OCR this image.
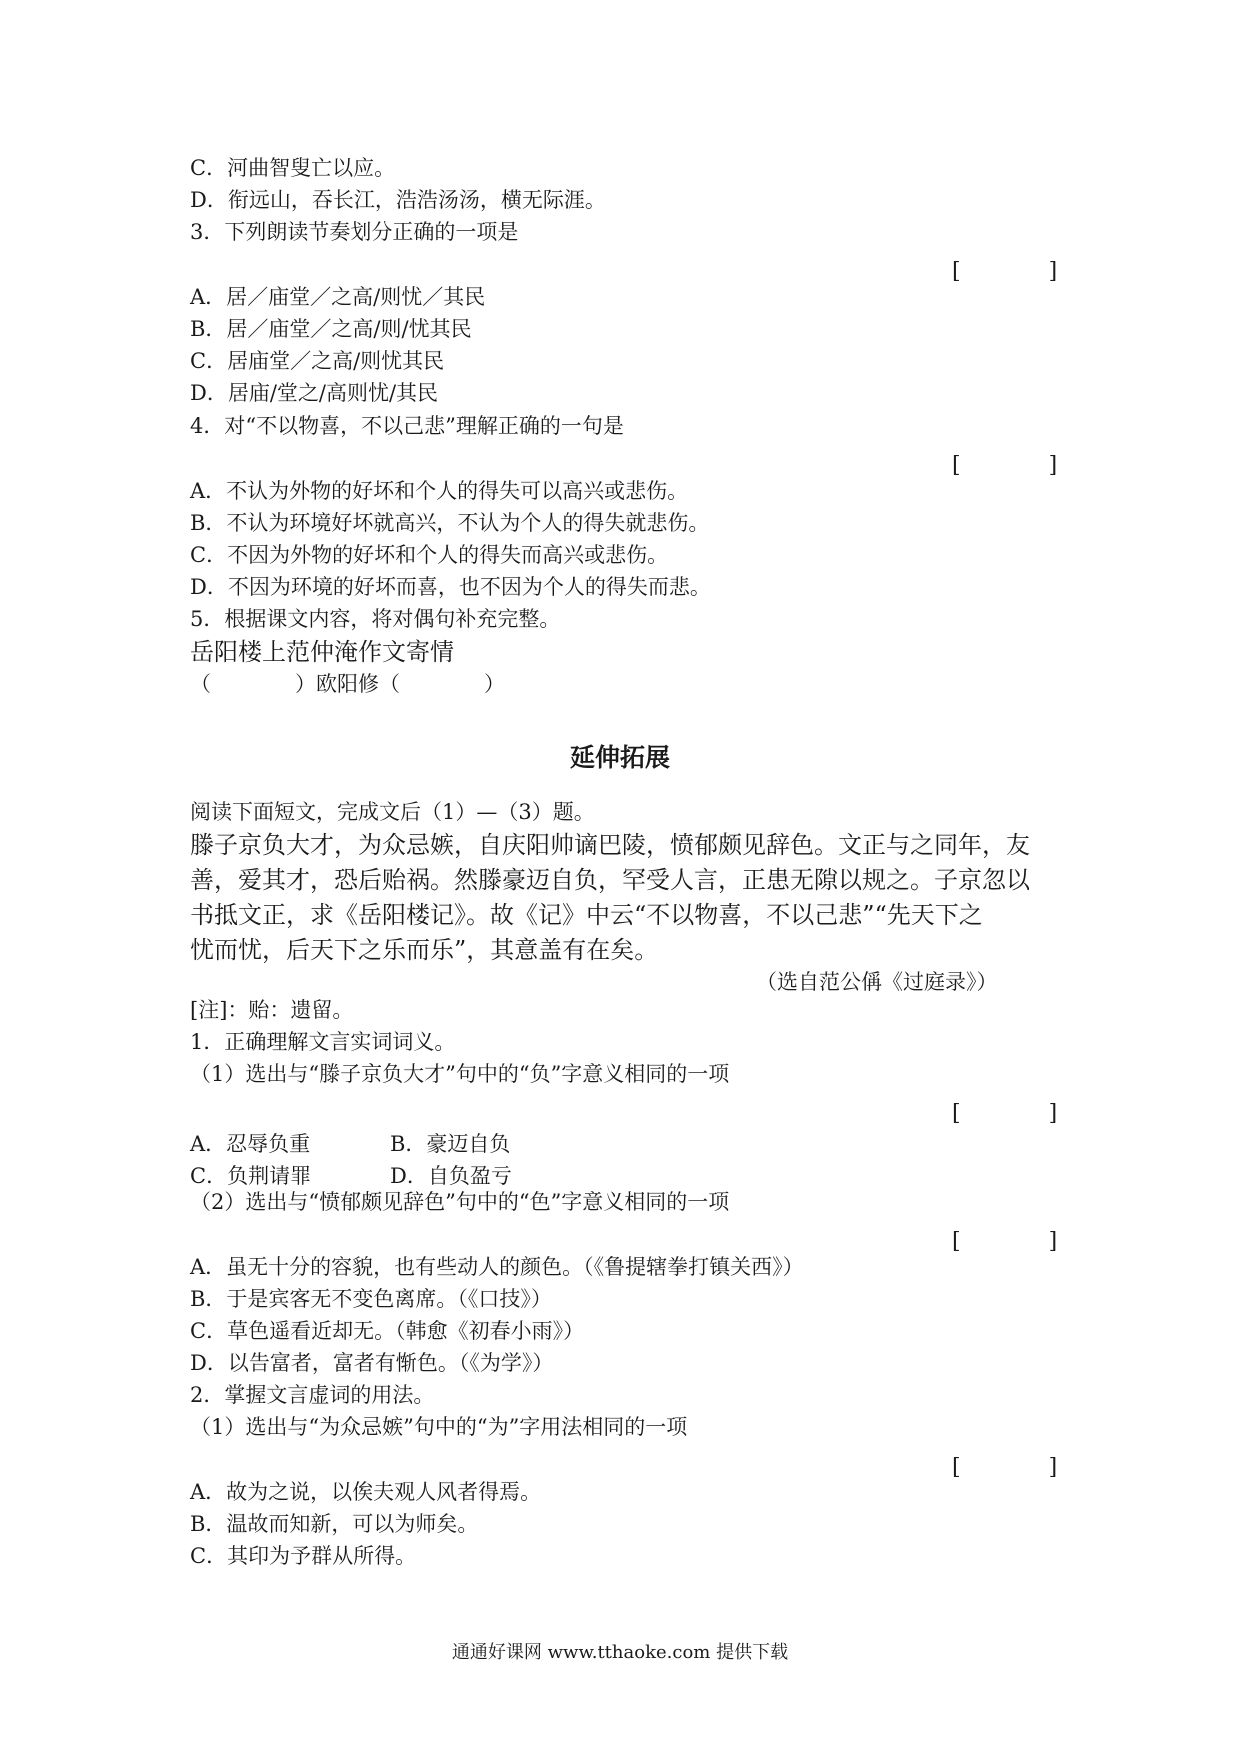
C．河曲智叟亡以应。
D．衔远山，吞长江，浩浩汤汤，横无际涯。
3．下列朗读节奏划分正确的一项是
[　　　　]
A．居／庙堂／之高/则忧／其民
B．居／庙堂／之高/则/忧其民
C．居庙堂／之高/则忧其民
D．居庙/堂之/高则忧/其民
4．对“不以物喜，不以己悲”理解正确的一句是
[　　　　]
A．不认为外物的好坏和个人的得失可以高兴或悲伤。
B．不认为环境好坏就高兴，不认为个人的得失就悲伤。
C．不因为外物的好坏和个人的得失而高兴或悲伤。
D．不因为环境的好坏而喜，也不因为个人的得失而悲。
5．根据课文内容，将对偶句补充完整。
岳阳楼上范仲淹作文寄情
（　　　　）欧阳修（　　　　）
延伸拓展
阅读下面短文，完成文后（1）—（3）题。
滕子京负大才，为众忌嫉，自庆阳帅谪巴陵，愤郁颇见辞色。文正与之同年，友
善，爱其才，恐后贻祸。然滕豪迈自负，罕受人言，正患无隙以规之。子京忽以
书抵文正，求《岳阳楼记》。故《记》中云“不以物喜，不以己悲”“先天下之
忧而忧，后天下之乐而乐”，其意盖有在矣。
（选自范公偁《过庭录》）
[注]：贻：遗留。
1．正确理解文言实词词义。
（1）选出与“滕子京负大才”句中的“负”字意义相同的一项
[　　　　]
A．忍辱负重	B．豪迈自负
C．负荆请罪	D．自负盈亏
（2）选出与“愤郁颇见辞色”句中的“色”字意义相同的一项
[　　　　]
A．虽无十分的容貌，也有些动人的颜色。（《鲁提辖拳打镇关西》）
B．于是宾客无不变色离席。（《口技》）
C．草色遥看近却无。（韩愈《初春小雨》）
D．以告富者，富者有惭色。（《为学》）
2．掌握文言虚词的用法。
（1）选出与“为众忌嫉”句中的“为”字用法相同的一项
[　　　　]
A．故为之说，以俟夫观人风者得焉。
B．温故而知新，可以为师矣。
C．其印为予群从所得。
通通好课网 www.tthaoke.com 提供下载
